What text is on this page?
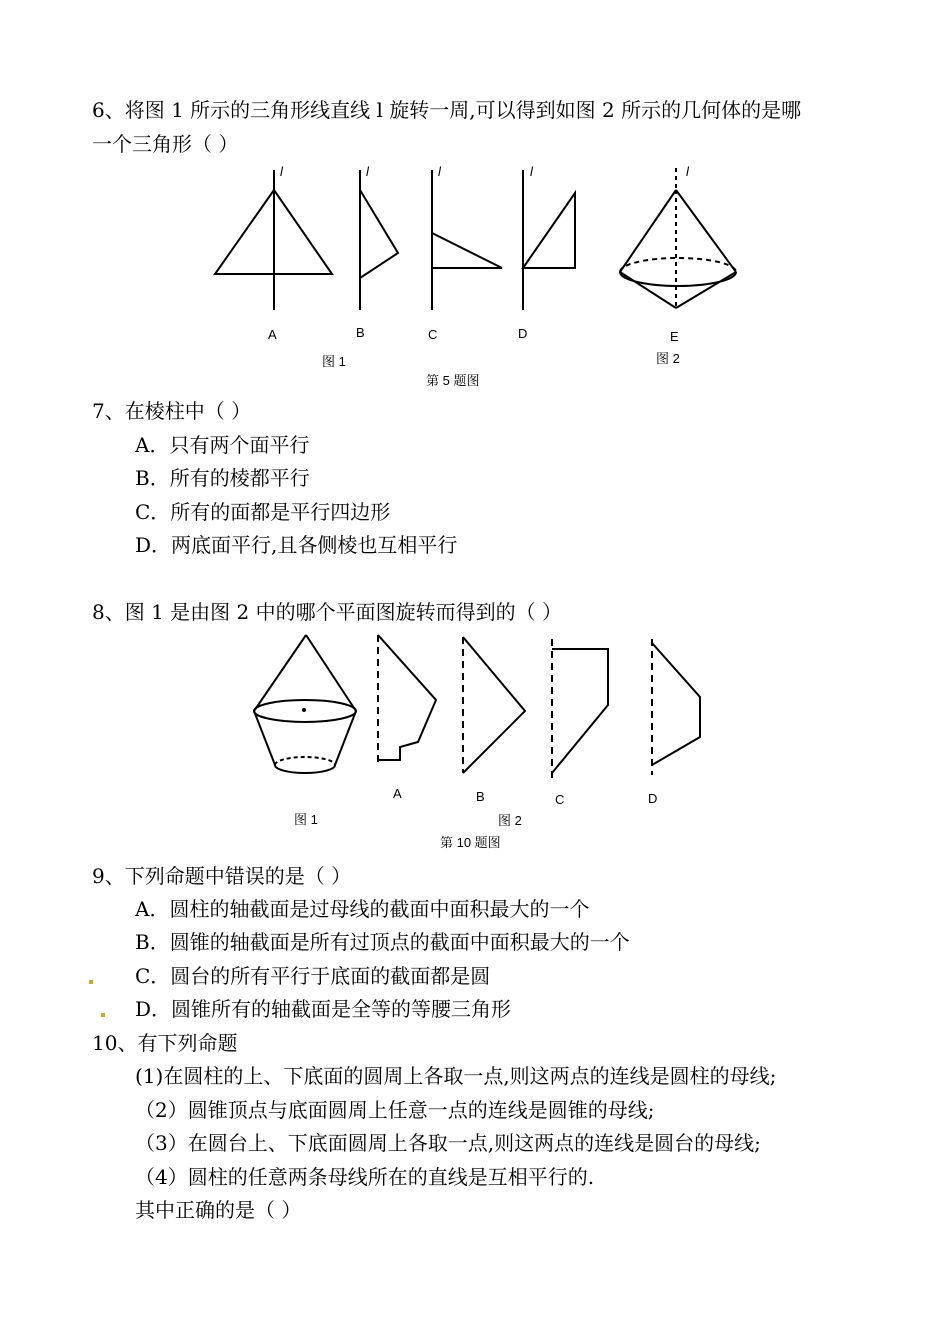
6、将图 1 所示的三角形线直线 l 旋转一周,可以得到如图 2 所示的几何体的是哪
一个三角形（ ）
l	l	l	l	l
A	B	C	D	E
图 1	图 2
第 5 题图
7、在棱柱中（ ）
A．只有两个面平行
B．所有的棱都平行
C．所有的面都是平行四边形
D．两底面平行,且各侧棱也互相平行
8、图 1 是由图 2 中的哪个平面图旋转而得到的（ ）
A	B	C	D
图 1	图 2
第 10 题图
9、下列命题中错误的是（ ）
A．圆柱的轴截面是过母线的截面中面积最大的一个
B．圆锥的轴截面是所有过顶点的截面中面积最大的一个
C．圆台的所有平行于底面的截面都是圆
D．圆锥所有的轴截面是全等的等腰三角形
10、有下列命题
(1)在圆柱的上、下底面的圆周上各取一点,则这两点的连线是圆柱的母线;
（2）圆锥顶点与底面圆周上任意一点的连线是圆锥的母线;
（3）在圆台上、下底面圆周上各取一点,则这两点的连线是圆台的母线;
（4）圆柱的任意两条母线所在的直线是互相平行的.
其中正确的是（ ）
